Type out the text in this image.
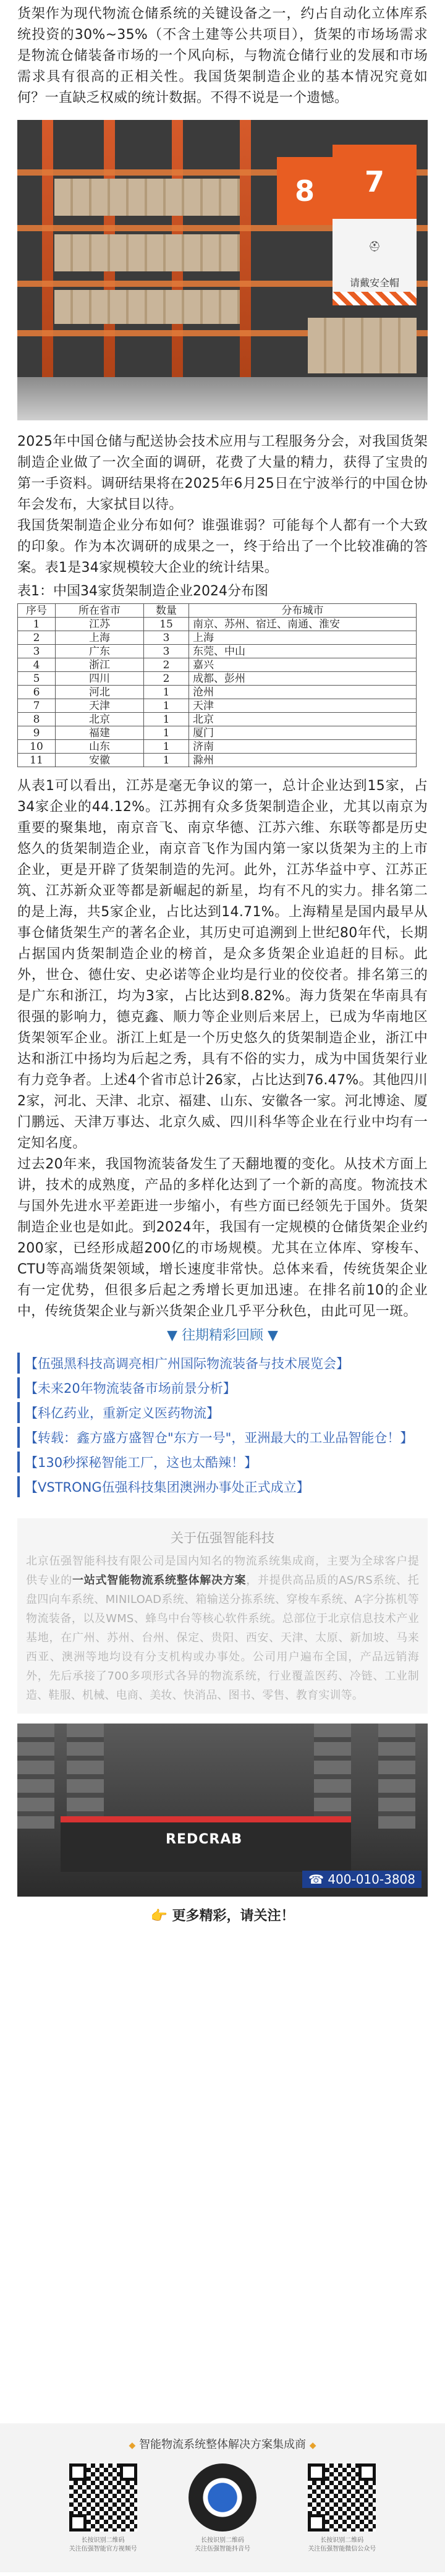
货架作为现代物流仓储系统的关键设备之一，约占自动化立体库系统投资的30%~35%（不含土建等公共项目），货架的市场场需求是物流仓储装备市场的一个风向标，与物流仓储行业的发展和市场需求具有很高的正相关性。我国货架制造企业的基本情况究竟如何？一直缺乏权威的统计数据。不得不说是一个遗憾。

8	7
⛑
请戴安全帽

2025年中国仓储与配送协会技术应用与工程服务分会，对我国货架制造企业做了一次全面的调研，花费了大量的精力，获得了宝贵的第一手资料。调研结果将在2025年6月25日在宁波举行的中国仓协年会发布，大家拭目以待。

我国货架制造企业分布如何？谁强谁弱？可能每个人都有一个大致的印象。作为本次调研的成果之一，终于给出了一个比较准确的答案。表1是34家规模较大企业的统计结果。

表1：中国34家货架制造企业2024分布图
序号	所在省市	数量	分布城市
1	江苏	15	南京、苏州、宿迁、南通、淮安
2	上海	3	上海
3	广东	3	东莞、中山
4	浙江	2	嘉兴
5	四川	2	成都、彭州
6	河北	1	沧州
7	天津	1	天津
8	北京	1	北京
9	福建	1	厦门
10	山东	1	济南
11	安徽	1	滁州

从表1可以看出，江苏是毫无争议的第一，总计企业达到15家，占34家企业的44.12%。江苏拥有众多货架制造企业，尤其以南京为重要的聚集地，南京音飞、南京华德、江苏六维、东联等都是历史悠久的货架制造企业，南京音飞作为国内第一家以货架为主的上市企业，更是开辟了货架制造的先河。此外，江苏华益中亨、江苏正筑、江苏新众亚等都是新崛起的新星，均有不凡的实力。排名第二的是上海，共5家企业，占比达到14.71%。上海精星是国内最早从事仓储货架生产的著名企业，其历史可追溯到上世纪80年代，长期占据国内货架制造企业的榜首，是众多货架企业追赶的目标。此外，世仓、德仕安、史必诺等企业均是行业的佼佼者。排名第三的是广东和浙江，均为3家，占比达到8.82%。海力货架在华南具有很强的影响力，德克鑫、顺力等企业则后来居上，已成为华南地区货架领军企业。浙江上虹是一个历史悠久的货架制造企业，浙江中达和浙江中扬均为后起之秀，具有不俗的实力，成为中国货架行业有力竞争者。上述4个省市总计26家，占比达到76.47%。其他四川2家，河北、天津、北京、福建、山东、安徽各一家。河北博途、厦门鹏远、天津万事达、北京久威、四川科华等企业在行业中均有一定知名度。

过去20年来，我国物流装备发生了天翻地覆的变化。从技术方面上讲，技术的成熟度，产品的多样化达到了一个新的高度。物流技术与国外先进水平差距进一步缩小，有些方面已经领先于国外。货架制造企业也是如此。到2024年，我国有一定规模的仓储货架企业约200家，已经形成超200亿的市场规模。尤其在立体库、穿梭车、CTU等高端货架领域，增长速度非常快。总体来看，传统货架企业有一定优势，但很多后起之秀增长更加迅速。在排名前10的企业中，传统货架企业与新兴货架企业几乎平分秋色，由此可见一斑。

▼ 往期精彩回顾 ▼
【伍强黑科技高调亮相广州国际物流装备与技术展览会】
【未来20年物流装备市场前景分析】
【科亿药业，重新定义医药物流】
【转载：鑫方盛方盛智仓"东方一号"，亚洲最大的工业品智能仓！】
【130秒探秘智能工厂，这也太酷辣！】
【VSTRONG伍强科技集团澳洲办事处正式成立】
关于伍强智能科技

北京伍强智能科技有限公司是国内知名的物流系统集成商，主要为全球客户提供专业的一站式智能物流系统整体解决方案，并提供高品质的AS/RS系统、托盘四向车系统、MINILOAD系统、箱输送分拣系统、穿梭车系统、A字分拣机等物流装备，以及WMS、蜂鸟中台等核心软件系统。总部位于北京信息技术产业基地，在广州、苏州、台州、保定、贵阳、西安、天津、太原、新加坡、马来西亚、澳洲等地均设有分支机构或办事处。公司用户遍布全国，产品远销海外，先后承接了700多项形式各异的物流系统，行业覆盖医药、冷链、工业制造、鞋服、机械、电商、美妆、快消品、图书、零售、教育实训等。

REDCRAB
☎ 400-010-3808
👉 更多精彩，请关注！
◆ 智能物流系统整体解决方案集成商 ◆
长按识别二维码
关注伍强智能官方视频号
长按识别二维码
关注伍强智能抖音号
长按识别二维码
关注伍强智能微信公众号
